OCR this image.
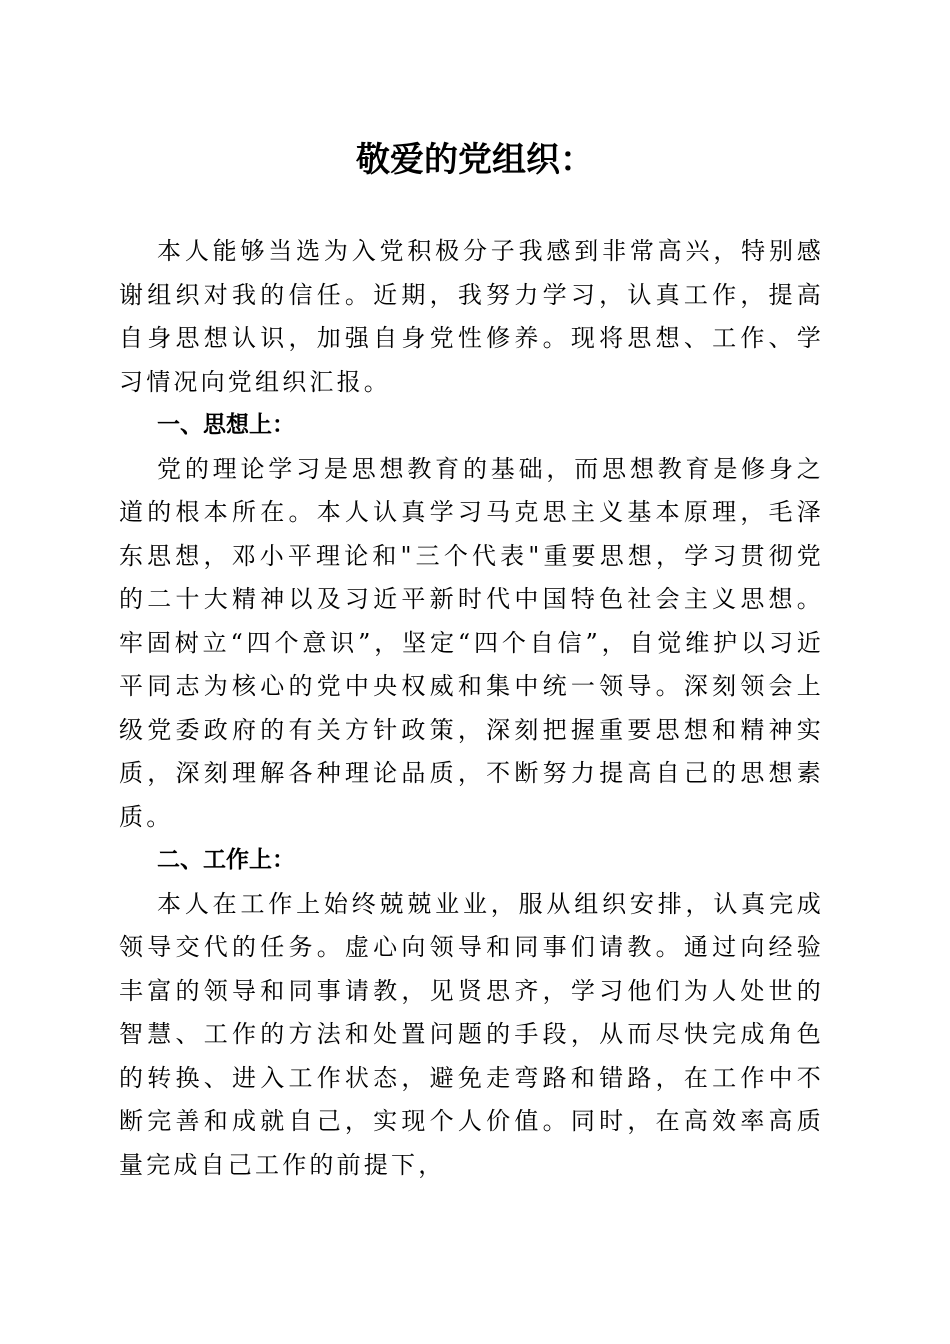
敬爱的党组织：

本人能够当选为入党积极分子我感到非常高兴，特别感谢组织对我的信任。近期，我努力学习，认真工作，提高自身思想认识，加强自身党性修养。现将思想、工作、学习情况向党组织汇报。

一、思想上：

党的理论学习是思想教育的基础，而思想教育是修身之道的根本所在。本人认真学习马克思主义基本原理，毛泽东思想，邓小平理论和"三个代表"重要思想，学习贯彻党的二十大精神以及习近平新时代中国特色社会主义思想。牢固树立“四个意识”，坚定“四个自信”，自觉维护以习近平同志为核心的党中央权威和集中统一领导。深刻领会上级党委政府的有关方针政策，深刻把握重要思想和精神实质，深刻理解各种理论品质，不断努力提高自己的思想素质。

二、工作上：

本人在工作上始终兢兢业业，服从组织安排，认真完成领导交代的任务。虚心向领导和同事们请教。通过向经验丰富的领导和同事请教，见贤思齐，学习他们为人处世的智慧、工作的方法和处置问题的手段，从而尽快完成角色的转换、进入工作状态，避免走弯路和错路，在工作中不断完善和成就自己，实现个人价值。同时，在高效率高质量完成自己工作的前提下，
